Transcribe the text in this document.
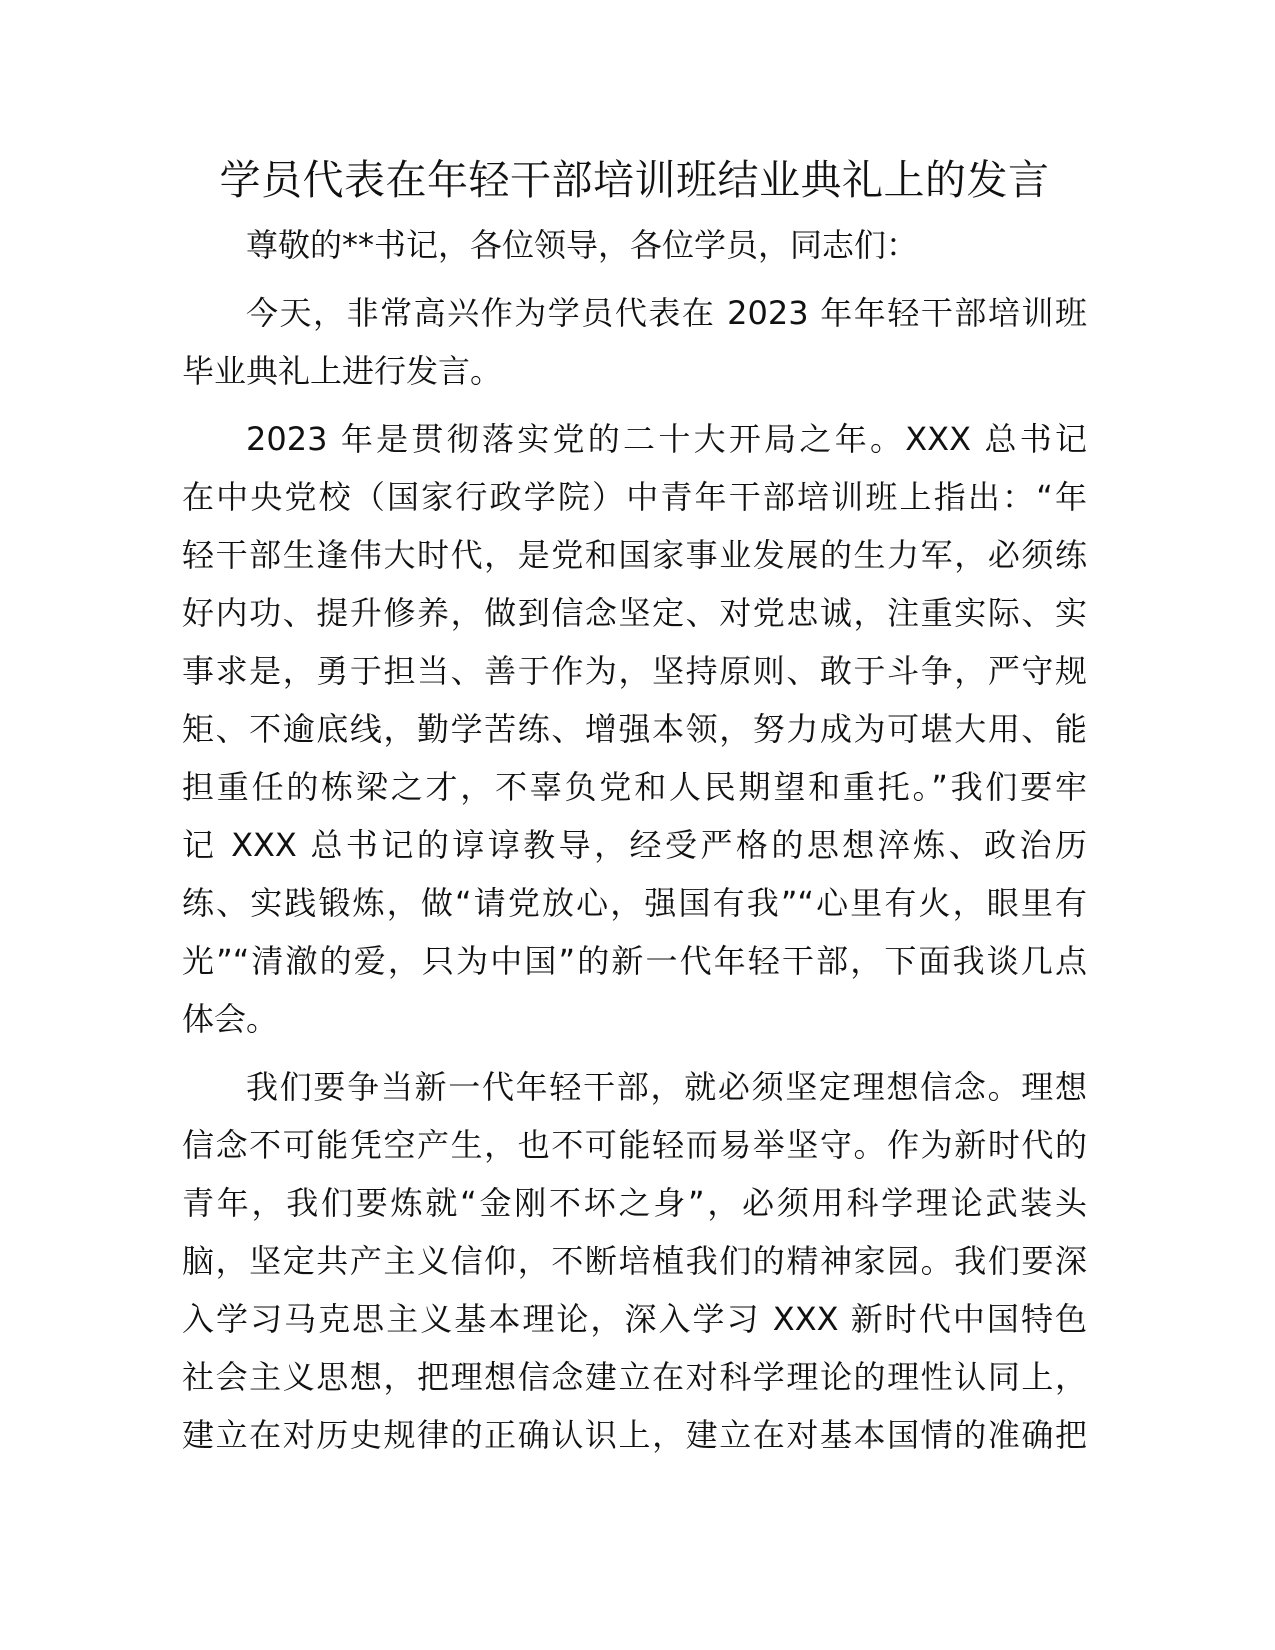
学员代表在年轻干部培训班结业典礼上的发言

尊敬的**书记，各位领导，各位学员，同志们：

今天，非常高兴作为学员代表在 2023 年年轻干部培训班
毕业典礼上进行发言。
2023 年是贯彻落实党的二十大开局之年。XXX 总书记
在中央党校（国家行政学院）中青年干部培训班上指出：“年
轻干部生逢伟大时代，是党和国家事业发展的生力军，必须练
好内功、提升修养，做到信念坚定、对党忠诚，注重实际、实
事求是，勇于担当、善于作为，坚持原则、敢于斗争，严守规
矩、不逾底线，勤学苦练、增强本领，努力成为可堪大用、能
担重任的栋梁之才，不辜负党和人民期望和重托。”我们要牢
记 XXX 总书记的谆谆教导，经受严格的思想淬炼、政治历
练、实践锻炼，做“请党放心，强国有我”“心里有火，眼里有
光”“清澈的爱，只为中国”的新一代年轻干部，下面我谈几点
体会。
我们要争当新一代年轻干部，就必须坚定理想信念。理想
信念不可能凭空产生，也不可能轻而易举坚守。作为新时代的
青年，我们要炼就“金刚不坏之身”，必须用科学理论武装头
脑，坚定共产主义信仰，不断培植我们的精神家园。我们要深
入学习马克思主义基本理论，深入学习 XXX 新时代中国特色
社会主义思想，把理想信念建立在对科学理论的理性认同上，
建立在对历史规律的正确认识上，建立在对基本国情的准确把
